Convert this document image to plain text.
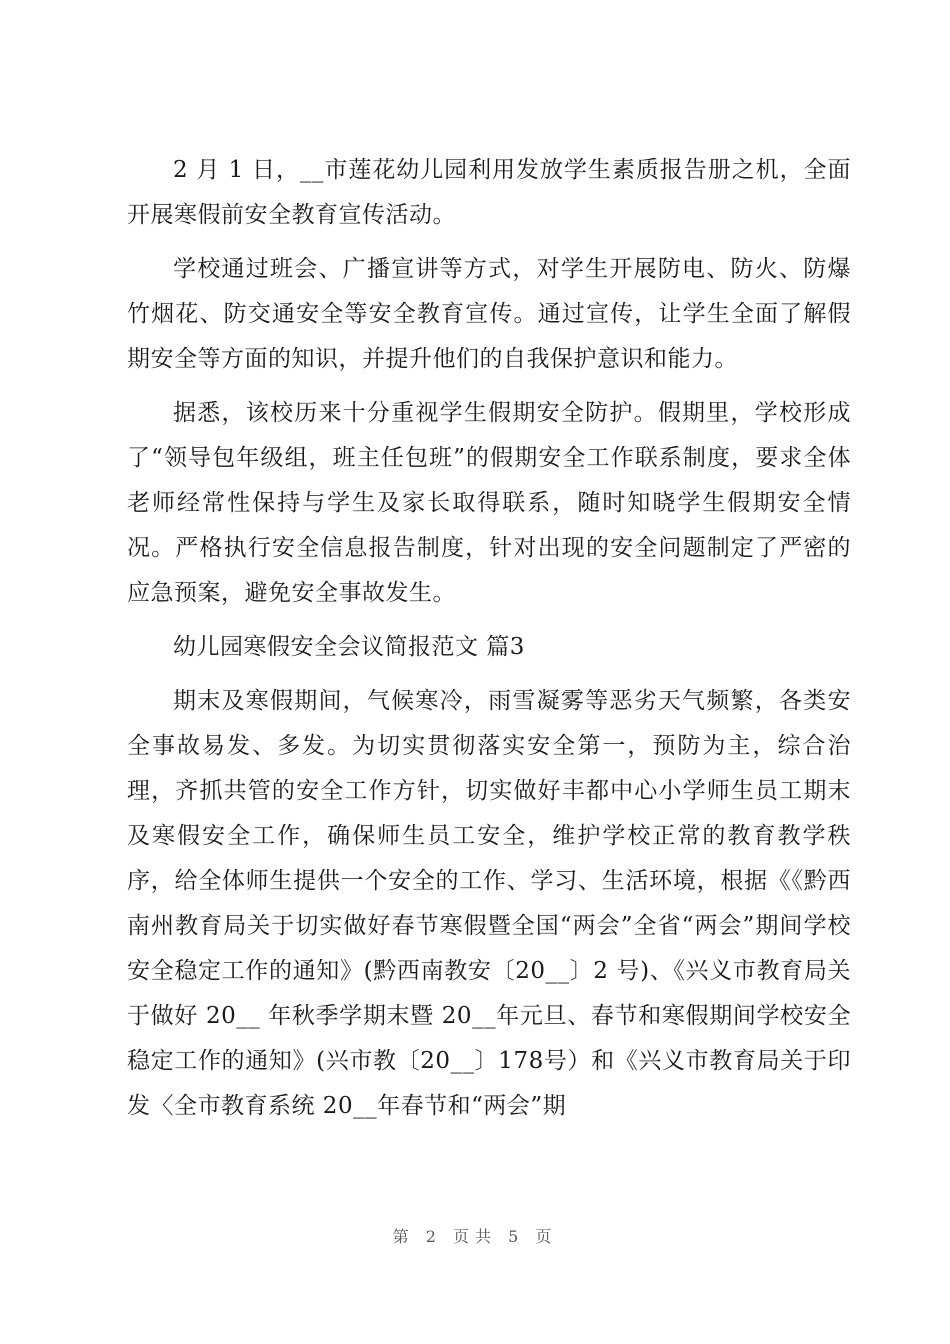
2 月 1 日，__市莲花幼儿园利用发放学生素质报告册之机，全面开展寒假前安全教育宣传活动。

学校通过班会、广播宣讲等方式，对学生开展防电、防火、防爆竹烟花、防交通安全等安全教育宣传。通过宣传，让学生全面了解假期安全等方面的知识，并提升他们的自我保护意识和能力。

据悉，该校历来十分重视学生假期安全防护。假期里，学校形成了“领导包年级组，班主任包班”的假期安全工作联系制度，要求全体老师经常性保持与学生及家长取得联系，随时知晓学生假期安全情况。严格执行安全信息报告制度，针对出现的安全问题制定了严密的应急预案，避免安全事故发生。

幼儿园寒假安全会议简报范文 篇3

期末及寒假期间，气候寒冷，雨雪凝雾等恶劣天气频繁，各类安全事故易发、多发。为切实贯彻落实安全第一，预防为主，综合治理，齐抓共管的安全工作方针，切实做好丰都中心小学师生员工期末及寒假安全工作，确保师生员工安全，维护学校正常的教育教学秩序，给全体师生提供一个安全的工作、学习、生活环境，根据《《黔西南州教育局关于切实做好春节寒假暨全国“两会”全省“两会”期间学校安全稳定工作的通知》(黔西南教安〔20__〕2 号)、《兴义市教育局关于做好 20__ 年秋季学期末暨 20__年元旦、春节和寒假期间学校安全稳定工作的通知》(兴市教〔20__〕178号）和《兴义市教育局关于印发〈全市教育系统 20__年春节和“两会”期

第 2 页共 5 页
